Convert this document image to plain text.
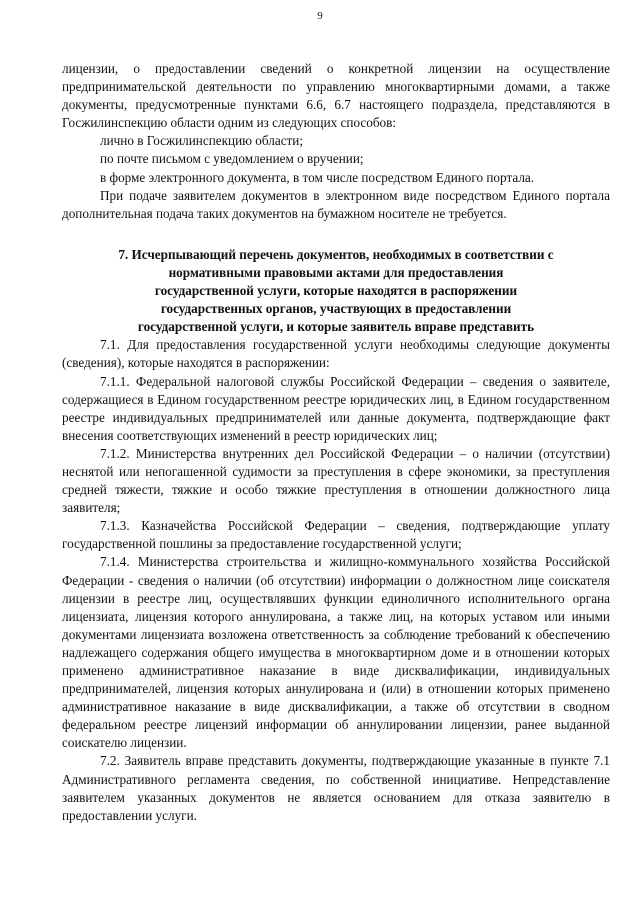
9

лицензии, о предоставлении сведений о конкретной лицензии на осуществление предпринимательской деятельности по управлению многоквартирными домами, а также документы, предусмотренные пунктами 6.6, 6.7 настоящего подраздела, представляются в Госжилинспекцию области одним из следующих способов:

лично в Госжилинспекцию области;

по почте письмом с уведомлением о вручении;

в форме электронного документа, в том числе посредством Единого портала.

При подаче заявителем документов в электронном виде посредством Единого портала дополнительная подача таких документов на бумажном носителе не требуется.

7. Исчерпывающий перечень документов, необходимых в соответствии с
нормативными правовыми актами для предоставления
государственной услуги, которые находятся в распоряжении
государственных органов, участвующих в предоставлении
государственной услуги, и которые заявитель вправе представить

7.1. Для предоставления государственной услуги необходимы следующие документы (сведения), которые находятся в распоряжении:

7.1.1. Федеральной налоговой службы Российской Федерации – сведения о заявителе, содержащиеся в Едином государственном реестре юридических лиц, в Едином государственном реестре индивидуальных предпринимателей или данные документа, подтверждающие факт внесения соответствующих изменений в реестр юридических лиц;

7.1.2. Министерства внутренних дел Российской Федерации – о наличии (отсутствии) неснятой или непогашенной судимости за преступления в сфере экономики, за преступления средней тяжести, тяжкие и особо тяжкие преступления в отношении должностного лица заявителя;

7.1.3. Казначейства Российской Федерации – сведения, подтверждающие уплату государственной пошлины за предоставление государственной услуги;

7.1.4. Министерства строительства и жилищно-коммунального хозяйства Российской Федерации - сведения о наличии (об отсутствии) информации о должностном лице соискателя лицензии в реестре лиц, осуществлявших функции единоличного исполнительного органа лицензиата, лицензия которого аннулирована, а также лиц, на которых уставом или иными документами лицензиата возложена ответственность за соблюдение требований к обеспечению надлежащего содержания общего имущества в многоквартирном доме и в отношении которых применено административное наказание в виде дисквалификации, индивидуальных предпринимателей, лицензия которых аннулирована и (или) в отношении которых применено административное наказание в виде дисквалификации, а также об отсутствии в сводном федеральном реестре лицензий информации об аннулировании лицензии, ранее выданной соискателю лицензии.

7.2. Заявитель вправе представить документы, подтверждающие указанные в пункте 7.1 Административного регламента сведения, по собственной инициативе. Непредставление заявителем указанных документов не является основанием для отказа заявителю в предоставлении услуги.
